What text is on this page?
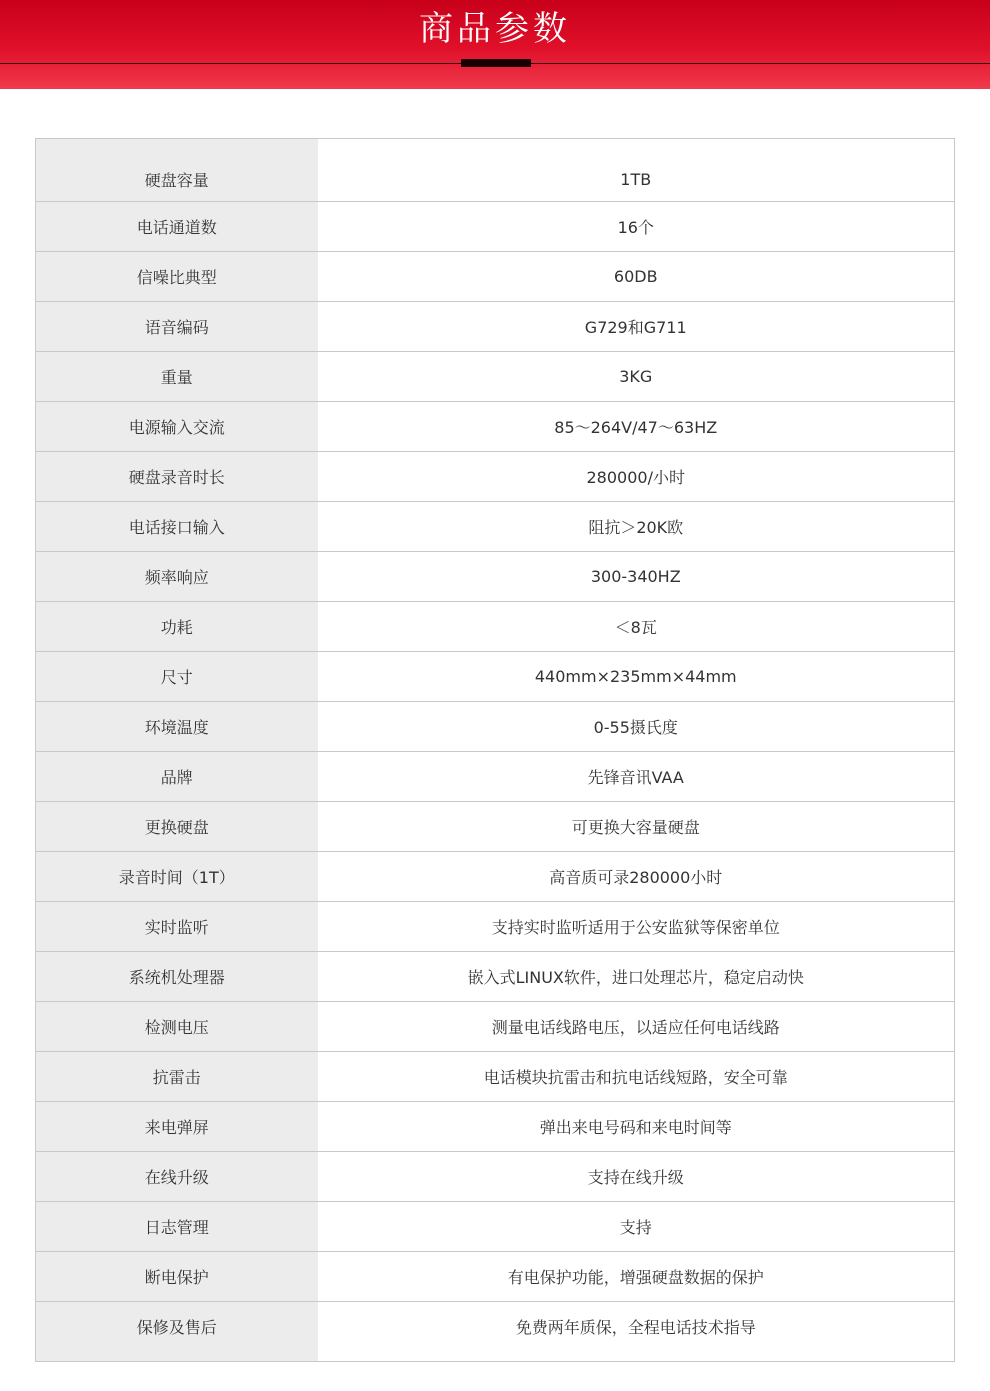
商品参数
硬盘容量	1TB
电话通道数	16个
信噪比典型	60DB
语音编码	G729和G711
重量	3KG
电源输入交流	85～264V/47～63HZ
硬盘录音时长	280000/小时
电话接口输入	阻抗＞20K欧
频率响应	300-340HZ
功耗	＜8瓦
尺寸	440mm×235mm×44mm
环境温度	0-55摄氏度
品牌	先锋音讯VAA
更换硬盘	可更换大容量硬盘
录音时间（1T）	高音质可录280000小时
实时监听	支持实时监听适用于公安监狱等保密单位
系统机处理器	嵌入式LINUX软件，进口处理芯片，稳定启动快
检测电压	测量电话线路电压，以适应任何电话线路
抗雷击	电话模块抗雷击和抗电话线短路，安全可靠
来电弹屏	弹出来电号码和来电时间等
在线升级	支持在线升级
日志管理	支持
断电保护	有电保护功能，增强硬盘数据的保护
保修及售后	免费两年质保，全程电话技术指导
